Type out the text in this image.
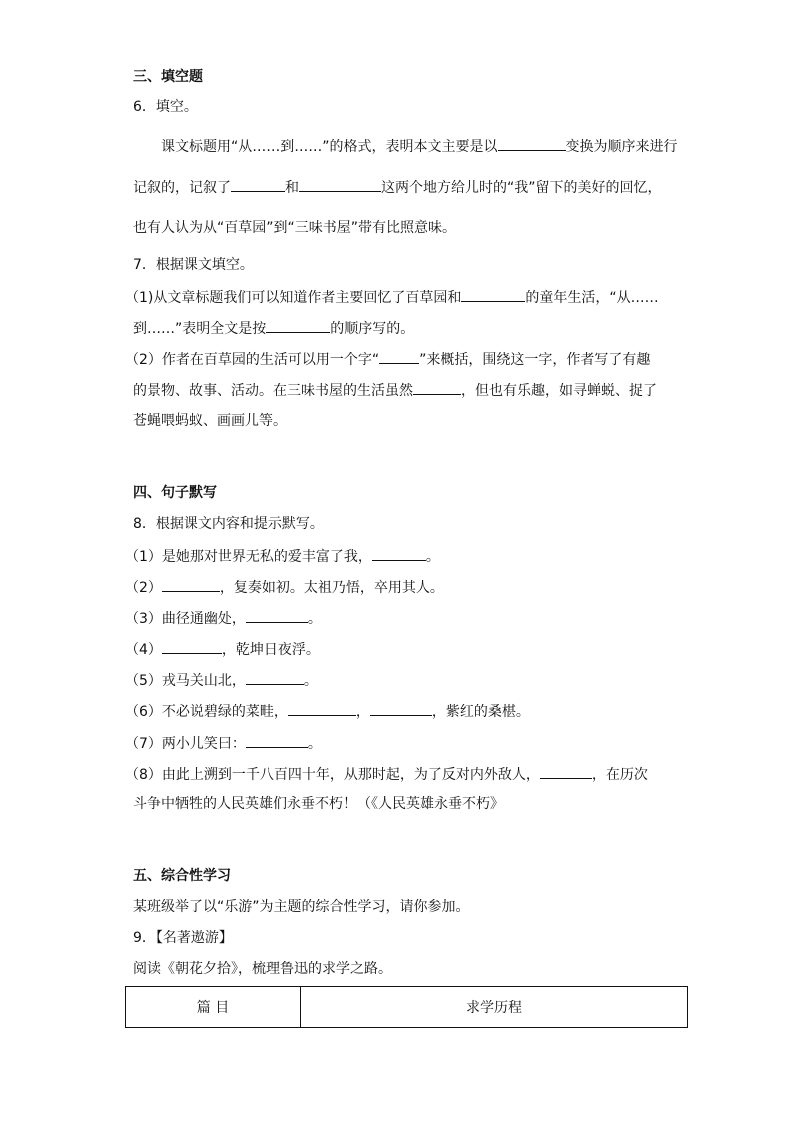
三、填空题
6．填空。
课文标题用“从……到……”的格式，表明本文主要是以	变换为顺序来进行
记叙的，记叙了	和	这两个地方给儿时的“我”留下的美好的回忆，
也有人认为从“百草园”到“三味书屋”带有比照意味。
7．根据课文填空。
（1)从文章标题我们可以知道作者主要回忆了百草园和	的童年生活，“从……
到……”表明全文是按	的顺序写的。
（2）作者在百草园的生活可以用一个字“	”来概括，围绕这一字，作者写了有趣
的景物、故事、活动。在三味书屋的生活虽然	，但也有乐趣，如寻蝉蜕、捉了
苍蝇喂蚂蚁、画画儿等。
四、句子默写
8．根据课文内容和提示默写。
（1）是她那对世界无私的爱丰富了我，	。
（2）	，复奏如初。太祖乃悟，卒用其人。
（3）曲径通幽处，	。
（4）	，乾坤日夜浮。
（5）戎马关山北，	。
（6）不必说碧绿的菜畦，	，	，紫红的桑椹。
（7）两小儿笑曰：	。
（8）由此上溯到一千八百四十年，从那时起，为了反对内外敌人，	，在历次
斗争中牺牲的人民英雄们永垂不朽！（《人民英雄永垂不朽》
五、综合性学习
某班级举了以“乐游”为主题的综合性学习，请你参加。
9．【名著遨游】
阅读《朝花夕拾》，梳理鲁迅的求学之路。
篇 目	求学历程
